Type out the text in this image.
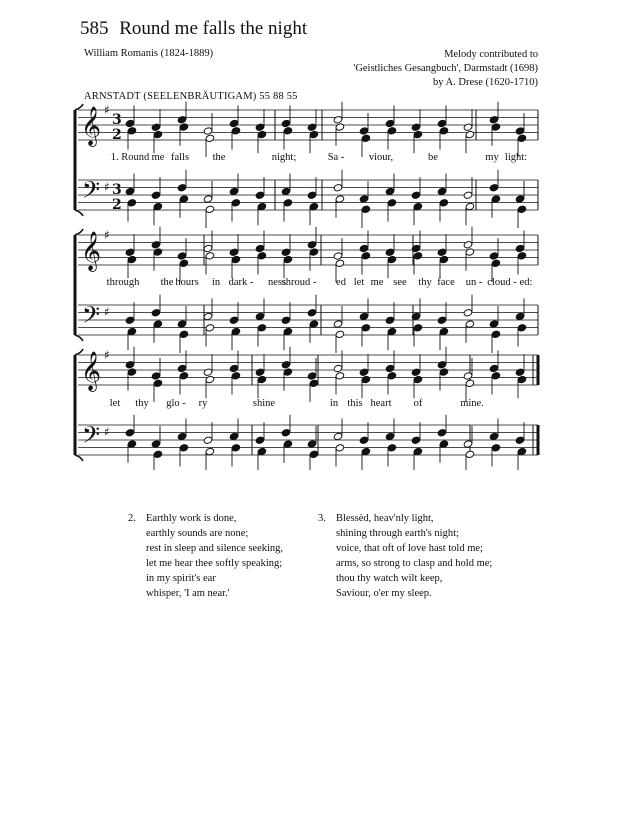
585 Round me falls the night
William Romanis (1824-1889)	Melody contributed to
'Geistliches Gesangbuch', Darmstadt (1698)
by A. Drese (1620-1710)
ARNSTADT (SEELENBRÄUTIGAM) 55 88 55
𝄞 ♯
3
2
𝄢 ♯ 3
2
𝄞 ♯
𝄢 ♯
𝄞 ♯
𝄢 ♯
1. Round me falls the	night;	Sa - viour,	be	my light:
through the hours in dark - ness
shroud - ed let me see thy face un - cloud - ed:
let thy glo - ry	shine	in this heart of	mine.
2. Earthly work is done,
earthly sounds are none;
rest in sleep and silence seeking,
let me hear thee softly speaking;
in my spirit's ear
whisper, 'I am near.'
3. Blessèd, heav'nly light,
shining through earth's night;
voice, that oft of love hast told me;
arms, so strong to clasp and hold me;
thou thy watch wilt keep,
Saviour, o'er my sleep.
